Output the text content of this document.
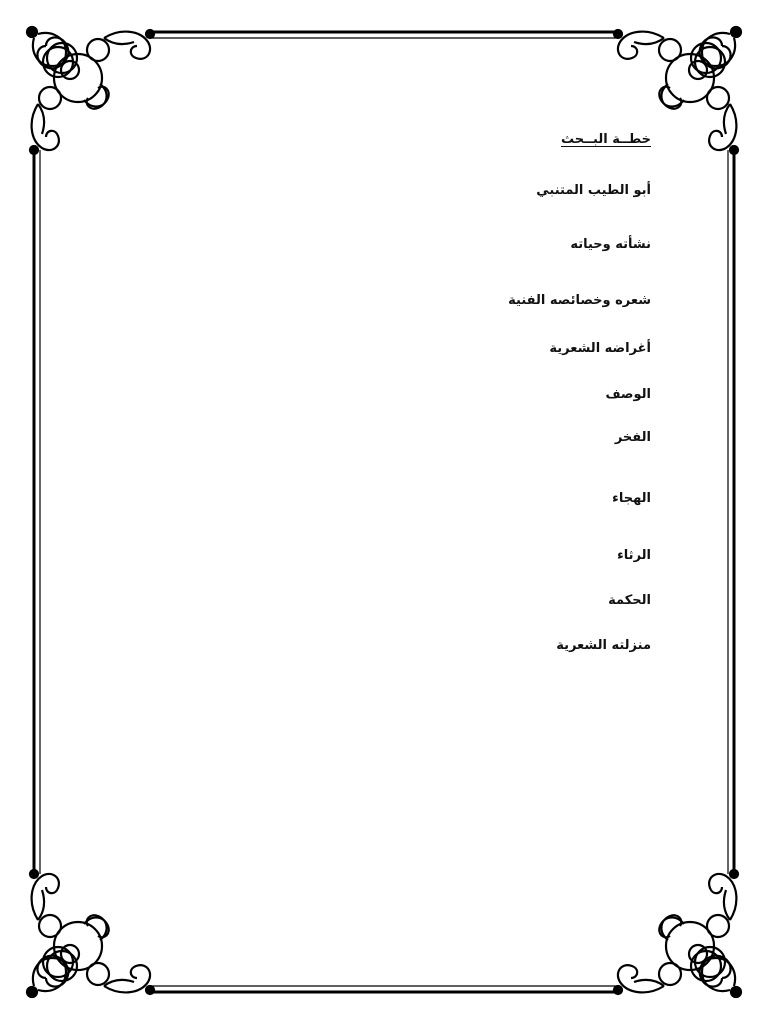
خطــة البــحث
أبو الطيب المتنبي
نشأته وحياته
شعره وخصائصه الفنية
أغراضه الشعرية
الوصف
الفخر
الهجاء
الرثاء
الحكمة
منزلته الشعرية
